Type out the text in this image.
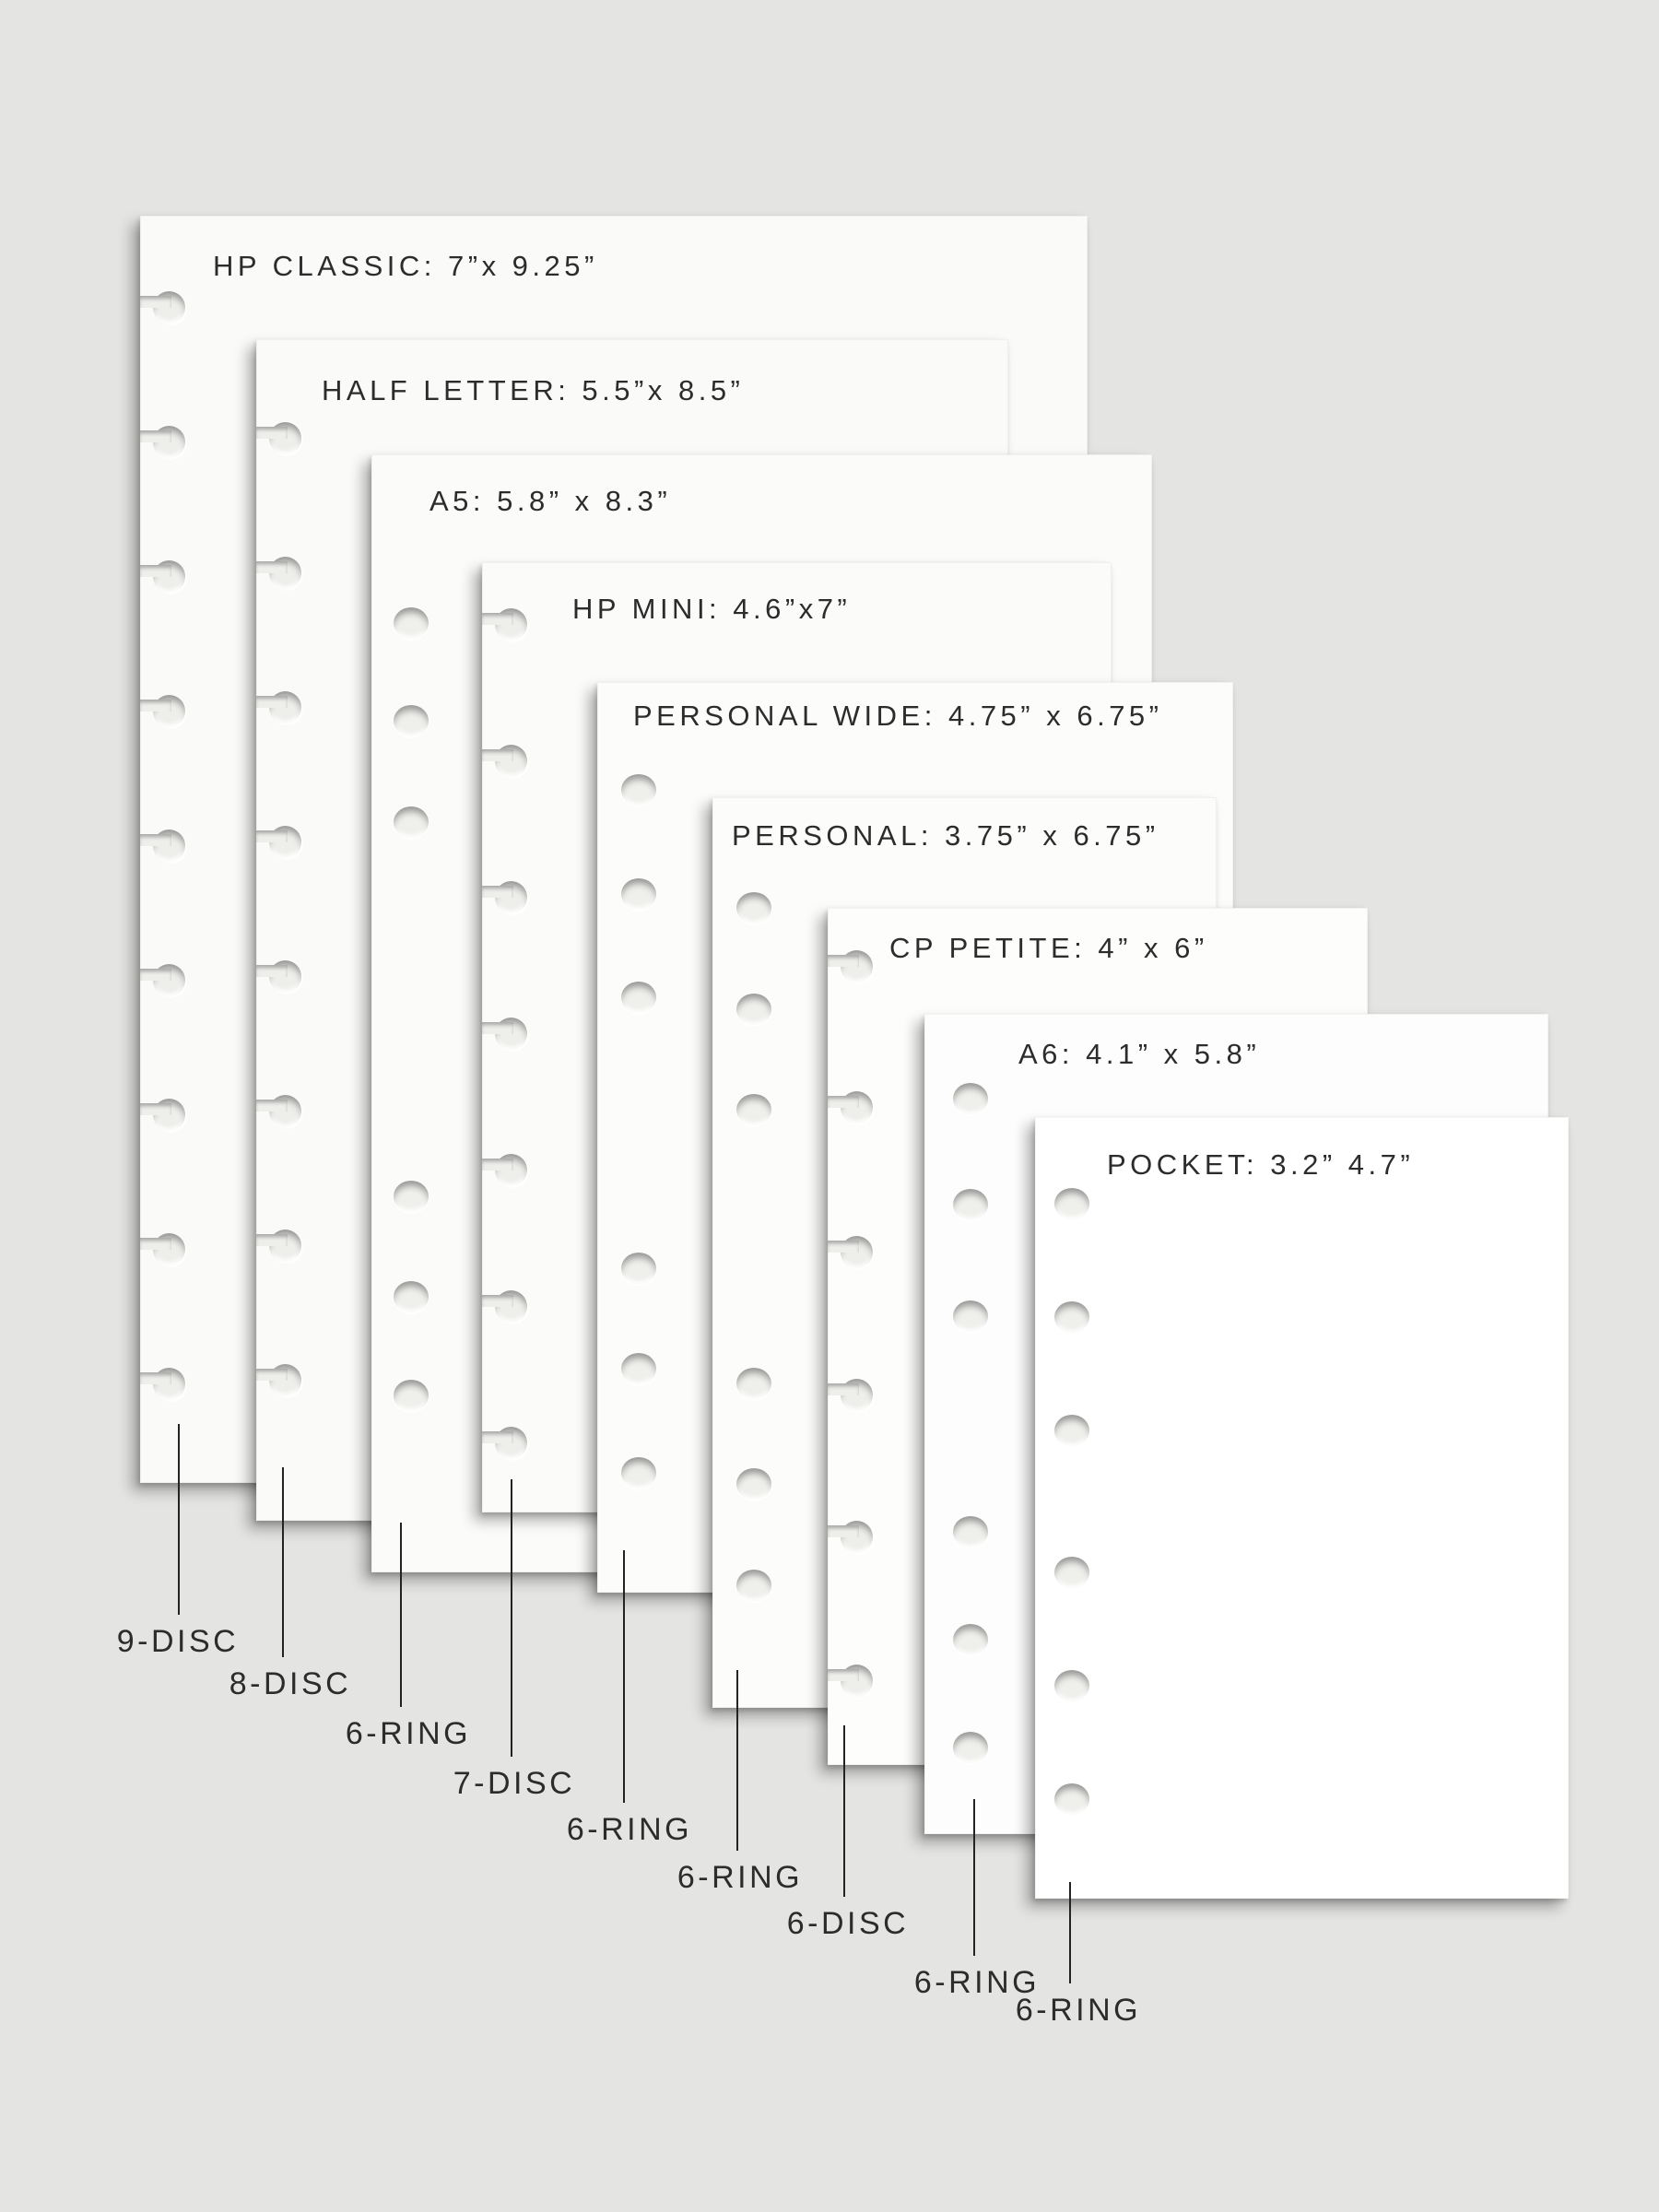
HP CLASSIC: 7”x 9.25”
9-DISC
HALF LETTER: 5.5”x 8.5”
8-DISC
A5: 5.8” x 8.3”
6-RING
HP MINI: 4.6”x7”
7-DISC
PERSONAL WIDE: 4.75” x 6.75”
6-RING
PERSONAL: 3.75” x 6.75”
6-RING
CP PETITE: 4” x 6”
6-DISC
A6: 4.1” x 5.8”
6-RING
POCKET: 3.2” 4.7”
6-RING
